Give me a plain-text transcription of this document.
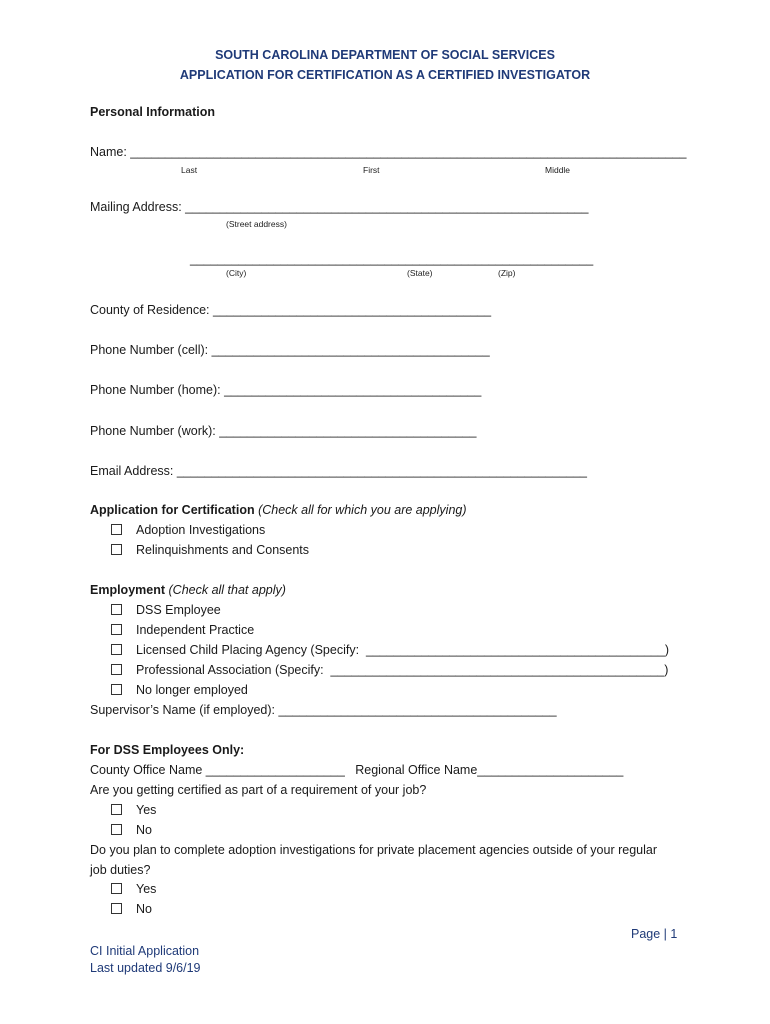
SOUTH CAROLINA DEPARTMENT OF SOCIAL SERVICES
APPLICATION FOR CERTIFICATION AS A CERTIFIED INVESTIGATOR
Personal Information
Name: ________________________________________________________________________________
Last	First	Middle
Mailing Address: __________________________________________________________
(Street address)
__________________________________________________________
(City)	(State)	(Zip)
County of Residence: ________________________________________
Phone Number (cell): ________________________________________
Phone Number (home): _____________________________________
Phone Number (work): _____________________________________
Email Address: ___________________________________________________________
Application for Certification (Check all for which you are applying)
Adoption Investigations
Relinquishments and Consents
Employment (Check all that apply)
DSS Employee
Independent Practice
Licensed Child Placing Agency (Specify:  ___________________________________________)
Professional Association (Specify:  ________________________________________________)
No longer employed
Supervisor’s Name (if employed): ________________________________________
For DSS Employees Only:
County Office Name ____________________   Regional Office Name_____________________
Are you getting certified as part of a requirement of your job?
Yes
No
Do you plan to complete adoption investigations for private placement agencies outside of your regular
job duties?
Yes
No
Page | 1
CI Initial Application
Last updated 9/6/19
